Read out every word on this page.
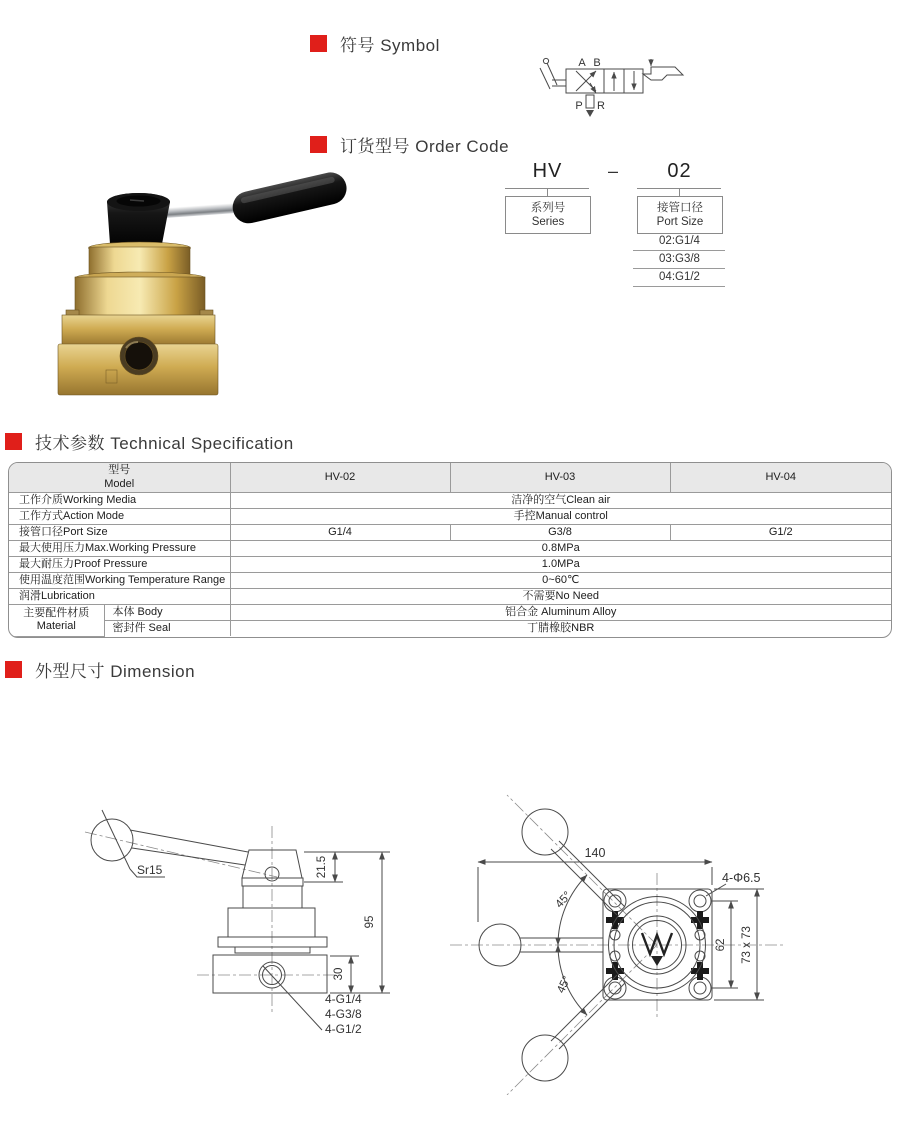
符号 Symbol
A B
P R
订货型号 Order Code
HV	–	02
系列号
Series
接管口径
Port Size
02:G1/4
03:G3/8
04:G1/2
技术参数 Technical Specification
型号
Model		HV-02	HV-03	HV-04
工作介质Working Media		洁净的空气Clean air		
工作方式Action Mode		手控Manual control		
接管口径Port Size		G1/4	G3/8	G1/2
最大使用压力Max.Working Pressure		0.8MPa		
最大耐压力Proof Pressure		1.0MPa		
使用温度范围Working Temperature Range		0~60℃		
润滑Lubrication		不需要No Need		

主要配件材质
Material	本体 Body	铝合金 Aluminum Alloy		
	密封件 Seal	丁腈橡胶NBR		
外型尺寸 Dimension
Sr15	21.5
95
30
4-G1/4
4-G3/8
4-G1/2
140
4-Φ6.5
45°
45°
62 73 x 73
